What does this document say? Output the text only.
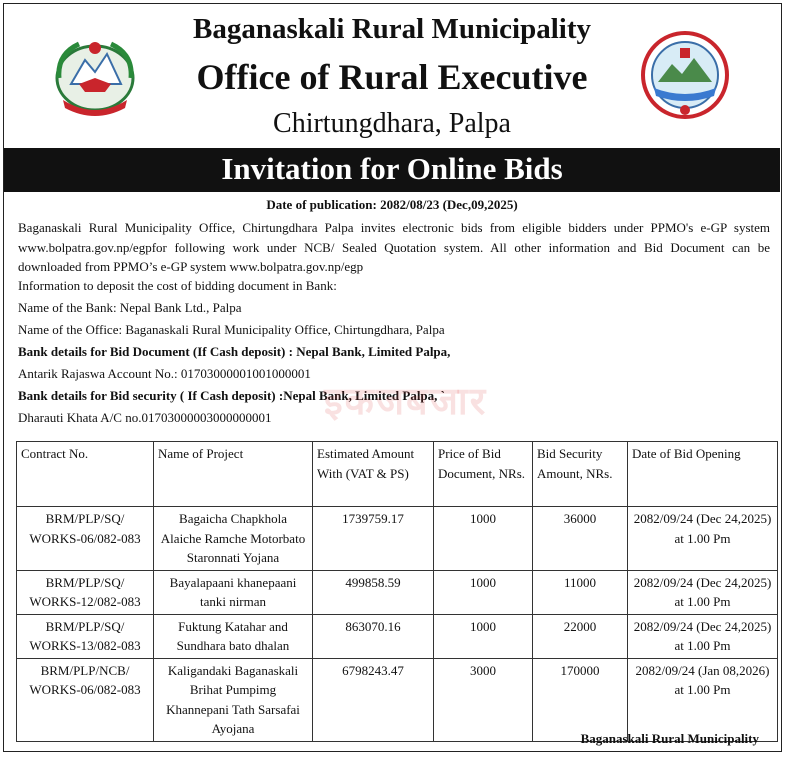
Baganaskali Rural Municipality
Office of Rural Executive
Chirtungdhara, Palpa
Invitation for Online Bids
Date of publication: 2082/08/23 (Dec,09,2025)
Baganaskali Rural Municipality Office, Chirtungdhara Palpa invites electronic bids from eligible bidders under PPMO's e-GP system www.bolpatra.gov.np/egpfor following work under NCB/ Sealed Quotation system. All other information and Bid Document can be downloaded from PPMO’s e-GP system www.bolpatra.gov.np/egp
Information to deposit the cost of bidding document in Bank:
Name of the Bank: Nepal Bank Ltd., Palpa
Name of the Office: Baganaskali Rural Municipality Office, Chirtungdhara, Palpa
Bank details for Bid Document (If Cash deposit) : Nepal Bank, Limited Palpa,
Antarik Rajaswa Account No.: 01703000001001000001
Bank details for Bid security ( If Cash deposit) :Nepal Bank, Limited Palpa, `
Dharauti Khata A/C no.01703000003000000001 इकजबजार
Contract No.	Name of Project	Estimated Amount With (VAT & PS)	Price of Bid Document, NRs.	Bid Security Amount, NRs.	Date of Bid Opening
BRM/PLP/SQ/ WORKS-06/082-083	Bagaicha Chapkhola Alaiche Ramche Motorbato Staronnati Yojana	1739759.17	1000	36000	2082/09/24 (Dec 24,2025) at 1.00 Pm
BRM/PLP/SQ/ WORKS-12/082-083	Bayalapaani khanepaani tanki nirman	499858.59	1000	11000	2082/09/24 (Dec 24,2025) at 1.00 Pm
BRM/PLP/SQ/ WORKS-13/082-083	Fuktung Katahar and Sundhara bato dhalan	863070.16	1000	22000	2082/09/24 (Dec 24,2025) at 1.00 Pm
BRM/PLP/NCB/ WORKS-06/082-083	Kaligandaki Baganaskali Brihat Pumpimg Khannepani Tath Sarsafai Ayojana	6798243.47	3000	170000	2082/09/24 (Jan 08,2026) at 1.00 Pm
Baganaskali Rural Municipality
